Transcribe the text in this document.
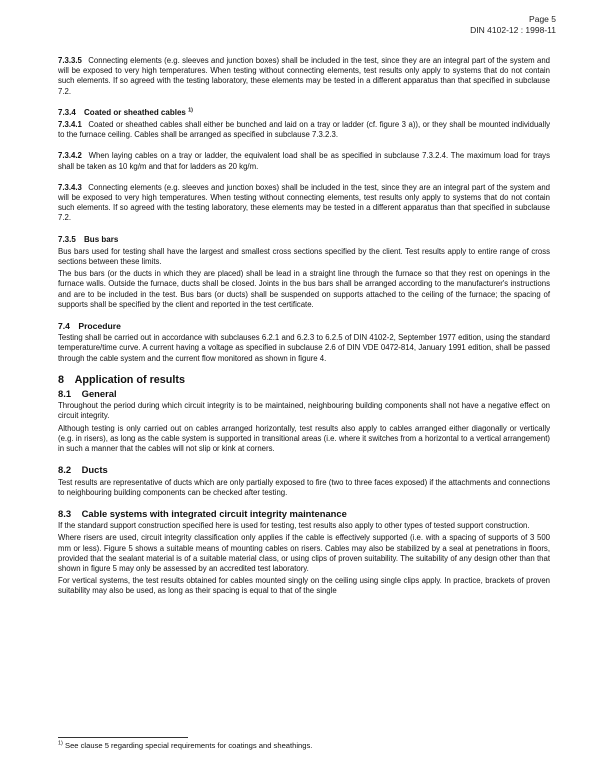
Page 5
DIN 4102-12 : 1998-11

7.3.3.5 Connecting elements (e.g. sleeves and junction boxes) shall be included in the test, since they are an integral part of the system and will be exposed to very high temperatures. When testing without connecting elements, test results only apply to systems that do not contain such elements. If so agreed with the testing laboratory, these elements may be tested in a different apparatus than that specified in subclause 7.2.

7.3.4 Coated or sheathed cables $^{1)}$

7.3.4.1 Coated or sheathed cables shall either be bunched and laid on a tray or ladder (cf. figure 3 a)), or they shall be mounted individually to the furnace ceiling. Cables shall be arranged as specified in subclause 7.3.2.3.

7.3.4.2 When laying cables on a tray or ladder, the equivalent load shall be as specified in subclause 7.3.2.4. The maximum load for trays shall be taken as 10 kg/m and that for ladders as 20 kg/m.

7.3.4.3 Connecting elements (e.g. sleeves and junction boxes) shall be included in the test, since they are an integral part of the system and will be exposed to very high temperatures. When testing without connecting elements, test results only apply to systems that do not contain such elements. If so agreed with the testing laboratory, these elements may be tested in a different apparatus than that specified in subclause 7.2.

7.3.5 Bus bars

Bus bars used for testing shall have the largest and smallest cross sections specified by the client. Test results apply to entire range of cross sections between these limits.

The bus bars (or the ducts in which they are placed) shall be lead in a straight line through the furnace so that they rest on openings in the furnace walls. Outside the furnace, ducts shall be closed. Joints in the bus bars shall be arranged according to the manufacturer's instructions and are to be included in the test. Bus bars (or ducts) shall be suspended on supports attached to the ceiling of the furnace; the spacing of supports shall be specified by the client and reported in the test certificate.

7.4 Procedure

Testing shall be carried out in accordance with subclauses 6.2.1 and 6.2.3 to 6.2.5 of DIN 4102-2, September 1977 edition, using the standard temperature/time curve. A current having a voltage as specified in subclause 2.6 of DIN VDE 0472-814, January 1991 edition, shall be passed through the cable system and the current flow monitored as shown in figure 4.

8 Application of results
8.1 General

Throughout the period during which circuit integrity is to be maintained, neighbouring building components shall not have a negative effect on circuit integrity.

Although testing is only carried out on cables arranged horizontally, test results also apply to cables arranged either diagonally or vertically (e.g. in risers), as long as the cable system is supported in transitional areas (i.e. where it switches from a horizontal to a vertical arrangement) in such a manner that the cables will not slip or kink at corners.

8.2 Ducts

Test results are representative of ducts which are only partially exposed to fire (two to three faces exposed) if the attachments and connections to neighbouring building components can be checked after testing.

8.3 Cable systems with integrated circuit integrity maintenance

If the standard support construction specified here is used for testing, test results also apply to other types of tested support construction.

Where risers are used, circuit integrity classification only applies if the cable is effectively supported (i.e. with a spacing of supports of 3 500 mm or less). Figure 5 shows a suitable means of mounting cables on risers. Cables may also be stabilized by a seal at penetrations in floors, provided that the sealant material is of a suitable material class, or using clips of proven suitability. The suitability of any design other than that shown in figure 5 may only be assessed by an accredited test laboratory.

For vertical systems, the test results obtained for cables mounted singly on the ceiling using single clips apply. In practice, brackets of proven suitability may also be used, as long as their spacing is equal to that of the single

$^{1)}$ See clause 5 regarding special requirements for coatings and sheathings.
